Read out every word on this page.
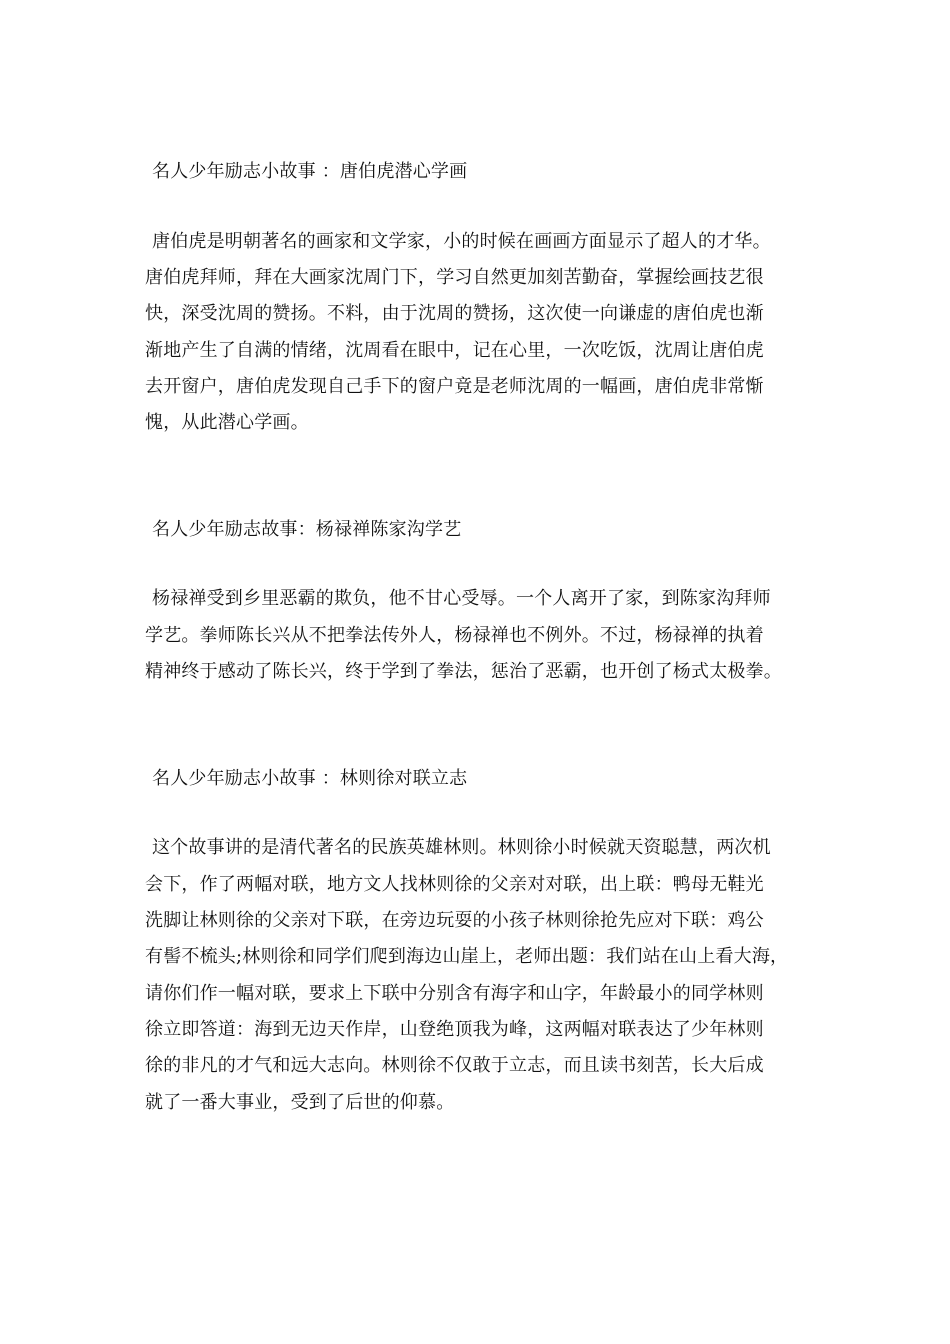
名人少年励志小故事 ：唐伯虎潜心学画
唐伯虎是明朝著名的画家和文学家，小的时候在画画方面显示了超人的才华。
唐伯虎拜师，拜在大画家沈周门下，学习自然更加刻苦勤奋，掌握绘画技艺很
快，深受沈周的赞扬。不料，由于沈周的赞扬，这次使一向谦虚的唐伯虎也渐
渐地产生了自满的情绪，沈周看在眼中，记在心里，一次吃饭，沈周让唐伯虎
去开窗户，唐伯虎发现自己手下的窗户竟是老师沈周的一幅画，唐伯虎非常惭
愧，从此潜心学画。
名人少年励志故事：杨禄禅陈家沟学艺
杨禄禅受到乡里恶霸的欺负，他不甘心受辱。一个人离开了家，到陈家沟拜师
学艺。拳师陈长兴从不把拳法传外人，杨禄禅也不例外。不过，杨禄禅的执着
精神终于感动了陈长兴，终于学到了拳法，惩治了恶霸，也开创了杨式太极拳。
名人少年励志小故事 ：林则徐对联立志
这个故事讲的是清代著名的民族英雄林则。林则徐小时候就天资聪慧，两次机
会下，作了两幅对联，地方文人找林则徐的父亲对对联，出上联：鸭母无鞋光
洗脚让林则徐的父亲对下联，在旁边玩耍的小孩子林则徐抢先应对下联：鸡公
有髻不梳头;林则徐和同学们爬到海边山崖上，老师出题：我们站在山上看大海，
请你们作一幅对联，要求上下联中分别含有海字和山字，年龄最小的同学林则
徐立即答道：海到无边天作岸，山登绝顶我为峰，这两幅对联表达了少年林则
徐的非凡的才气和远大志向。林则徐不仅敢于立志，而且读书刻苦，长大后成
就了一番大事业，受到了后世的仰慕。
